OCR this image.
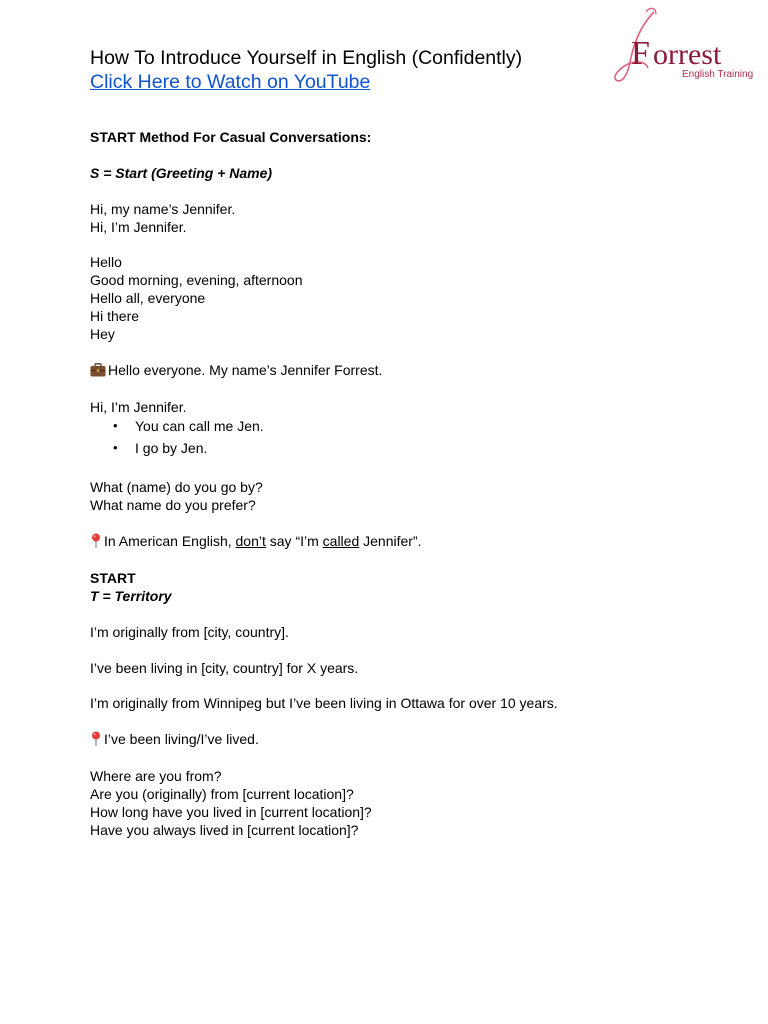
How To Introduce Yourself in English (Confidently)
Click Here to Watch on YouTube
F orrest
English Training
START Method For Casual Conversations:
S = Start (Greeting + Name)
Hi, my name’s Jennifer.
Hi, I’m Jennifer.
Hello
Good morning, evening, afternoon
Hello all, everyone
Hi there
Hey
Hello everyone. My name’s Jennifer Forrest.
Hi, I’m Jennifer.
• You can call me Jen.
• I go by Jen.
What (name) do you go by?
What name do you prefer?
In American English, don’t say “I’m called Jennifer”.
START
T = Territory
I’m originally from [city, country].
I’ve been living in [city, country] for X years.
I’m originally from Winnipeg but I’ve been living in Ottawa for over 10 years.
I’ve been living/I’ve lived.
Where are you from?
Are you (originally) from [current location]?
How long have you lived in [current location]?
Have you always lived in [current location]?
